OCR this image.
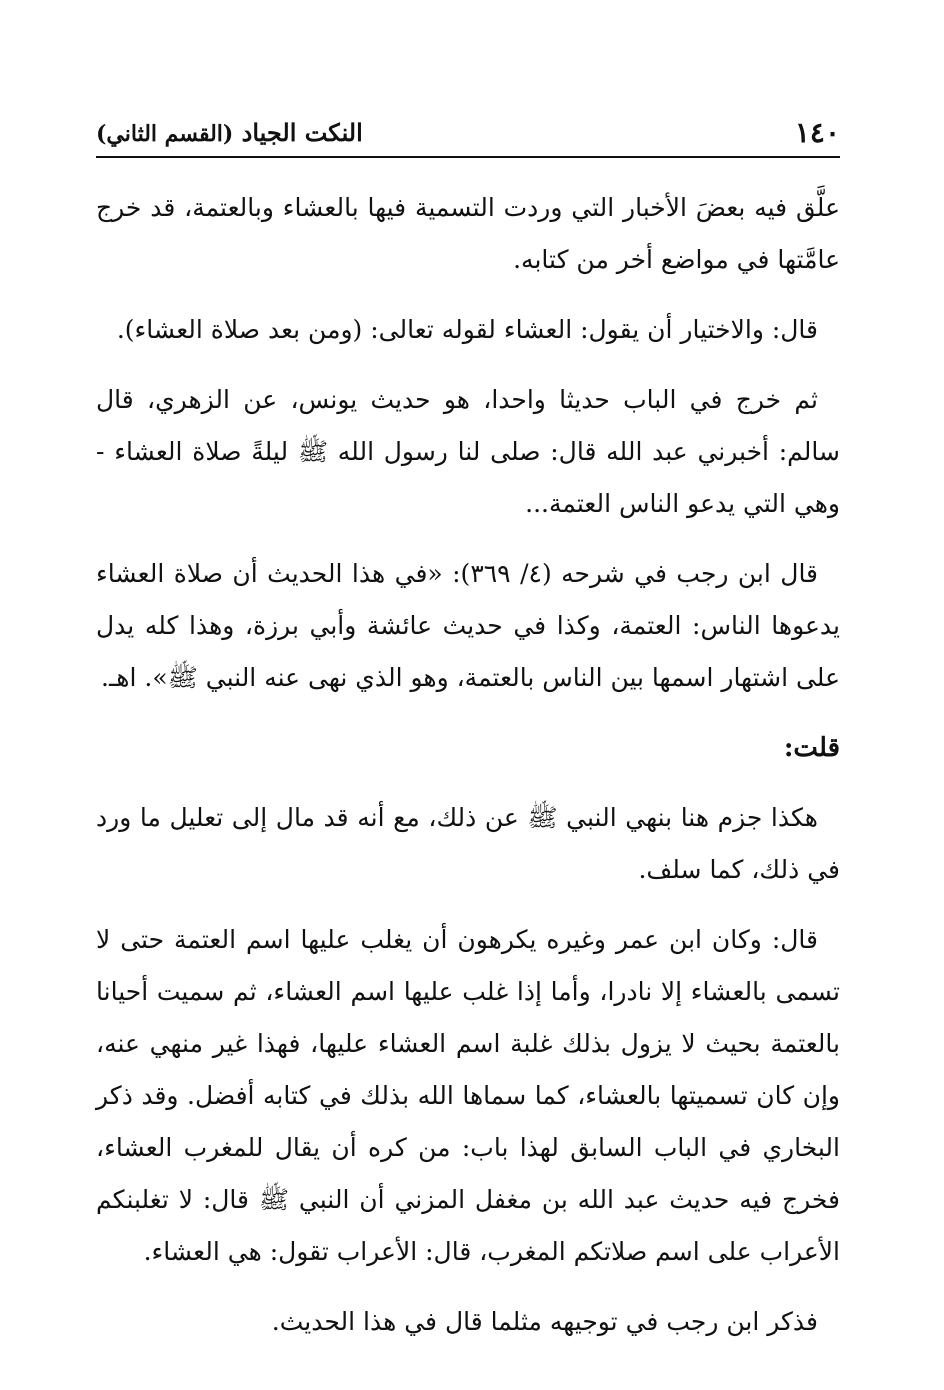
١٤٠
النكت الجياد (القسم الثاني)

علَّق فيه بعضَ الأخبار التي وردت التسمية فيها بالعشاء وبالعتمة، قد خرج عامَّتها في مواضع أخر من كتابه.

قال: والاختيار أن يقول: العشاء لقوله تعالى: (ومن بعد صلاة العشاء).

ثم خرج في الباب حديثا واحدا، هو حديث يونس، عن الزهري، قال سالم: أخبرني عبد الله قال: صلى لنا رسول الله ﷺ ليلةً صلاة العشاء - وهي التي يدعو الناس العتمة...

قال ابن رجب في شرحه (٤/ ٣٦٩): «في هذا الحديث أن صلاة العشاء يدعوها الناس: العتمة، وكذا في حديث عائشة وأبي برزة، وهذا كله يدل على اشتهار اسمها بين الناس بالعتمة، وهو الذي نهى عنه النبي ﷺ». اهـ.

قلت:

هكذا جزم هنا بنهي النبي ﷺ عن ذلك، مع أنه قد مال إلى تعليل ما ورد في ذلك، كما سلف.

قال: وكان ابن عمر وغيره يكرهون أن يغلب عليها اسم العتمة حتى لا تسمى بالعشاء إلا نادرا، وأما إذا غلب عليها اسم العشاء، ثم سميت أحيانا بالعتمة بحيث لا يزول بذلك غلبة اسم العشاء عليها، فهذا غير منهي عنه، وإن كان تسميتها بالعشاء، كما سماها الله بذلك في كتابه أفضل. وقد ذكر البخاري في الباب السابق لهذا باب: من كره أن يقال للمغرب العشاء، فخرج فيه حديث عبد الله بن مغفل المزني أن النبي ﷺ قال: لا تغلبنكم الأعراب على اسم صلاتكم المغرب، قال: الأعراب تقول: هي العشاء.

فذكر ابن رجب في توجيهه مثلما قال في هذا الحديث.
